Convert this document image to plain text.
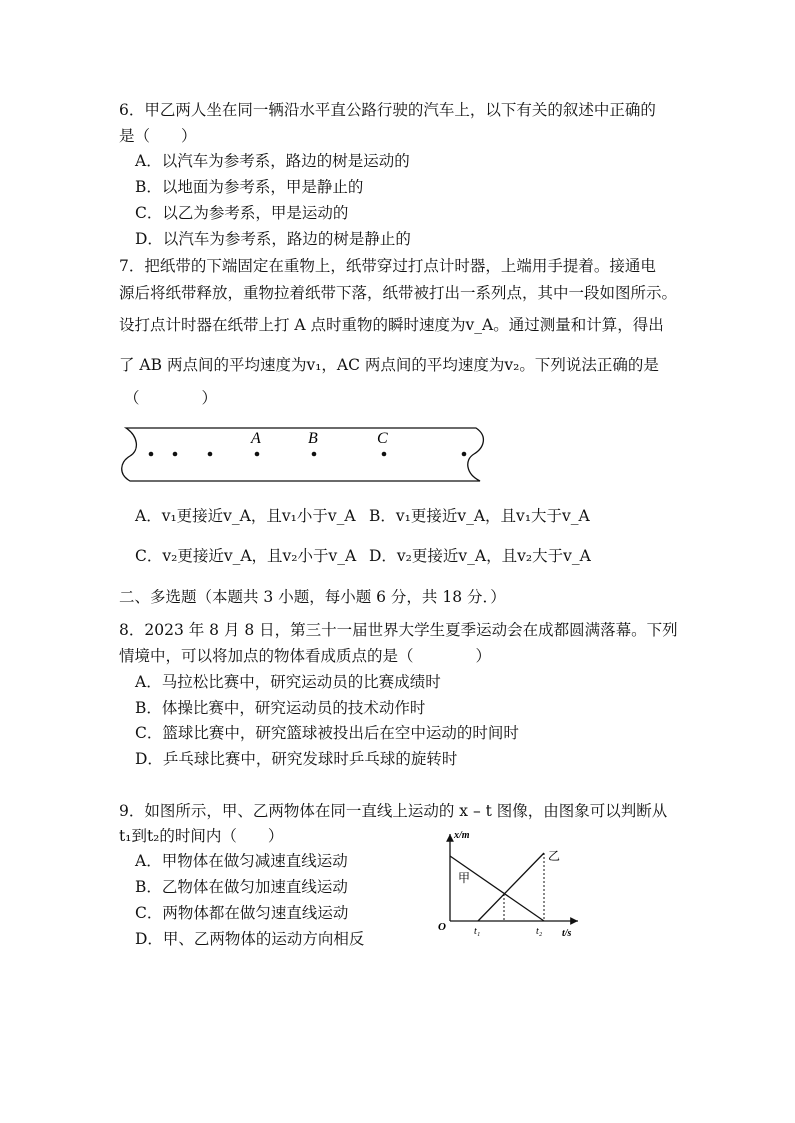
6．甲乙两人坐在同一辆沿水平直公路行驶的汽车上，以下有关的叙述中正确的
是（　　）
A．以汽车为参考系，路边的树是运动的
B．以地面为参考系，甲是静止的
C．以乙为参考系，甲是运动的
D．以汽车为参考系，路边的树是静止的
7．把纸带的下端固定在重物上，纸带穿过打点计时器，上端用手提着。接通电
源后将纸带释放，重物拉着纸带下落，纸带被打出一系列点，其中一段如图所示。
设打点计时器在纸带上打 A 点时重物的瞬时速度为v_A。通过测量和计算，得出
了 AB 两点间的平均速度为v₁，AC 两点间的平均速度为v₂。下列说法正确的是
（　　　　）
A	B	C
A．v₁更接近v_A，且v₁小于v_A B．v₁更接近v_A，且v₁大于v_A
C．v₂更接近v_A，且v₂小于v_A D．v₂更接近v_A，且v₂大于v_A
二、多选题（本题共 3 小题，每小题 6 分，共 18 分．）
8．2023 年 8 月 8 日，第三十一届世界大学生夏季运动会在成都圆满落幕。下列
情境中，可以将加点的物体看成质点的是（　　　　）
A．马拉松比赛中，研究运动员的比赛成绩时
B．体操比赛中，研究运动员的技术动作时
C．篮球比赛中，研究篮球被投出后在空中运动的时间时
D．乒乓球比赛中，研究发球时乒乓球的旋转时
9．如图所示，甲、乙两物体在同一直线上运动的 x – t 图像，由图象可以判断从
t₁到t₂的时间内（　　）
A．甲物体在做匀减速直线运动
B．乙物体在做匀加速直线运动
C．两物体都在做匀速直线运动
D．甲、乙两物体的运动方向相反
x/m
t/s
O	t₁	t₂
甲
乙
